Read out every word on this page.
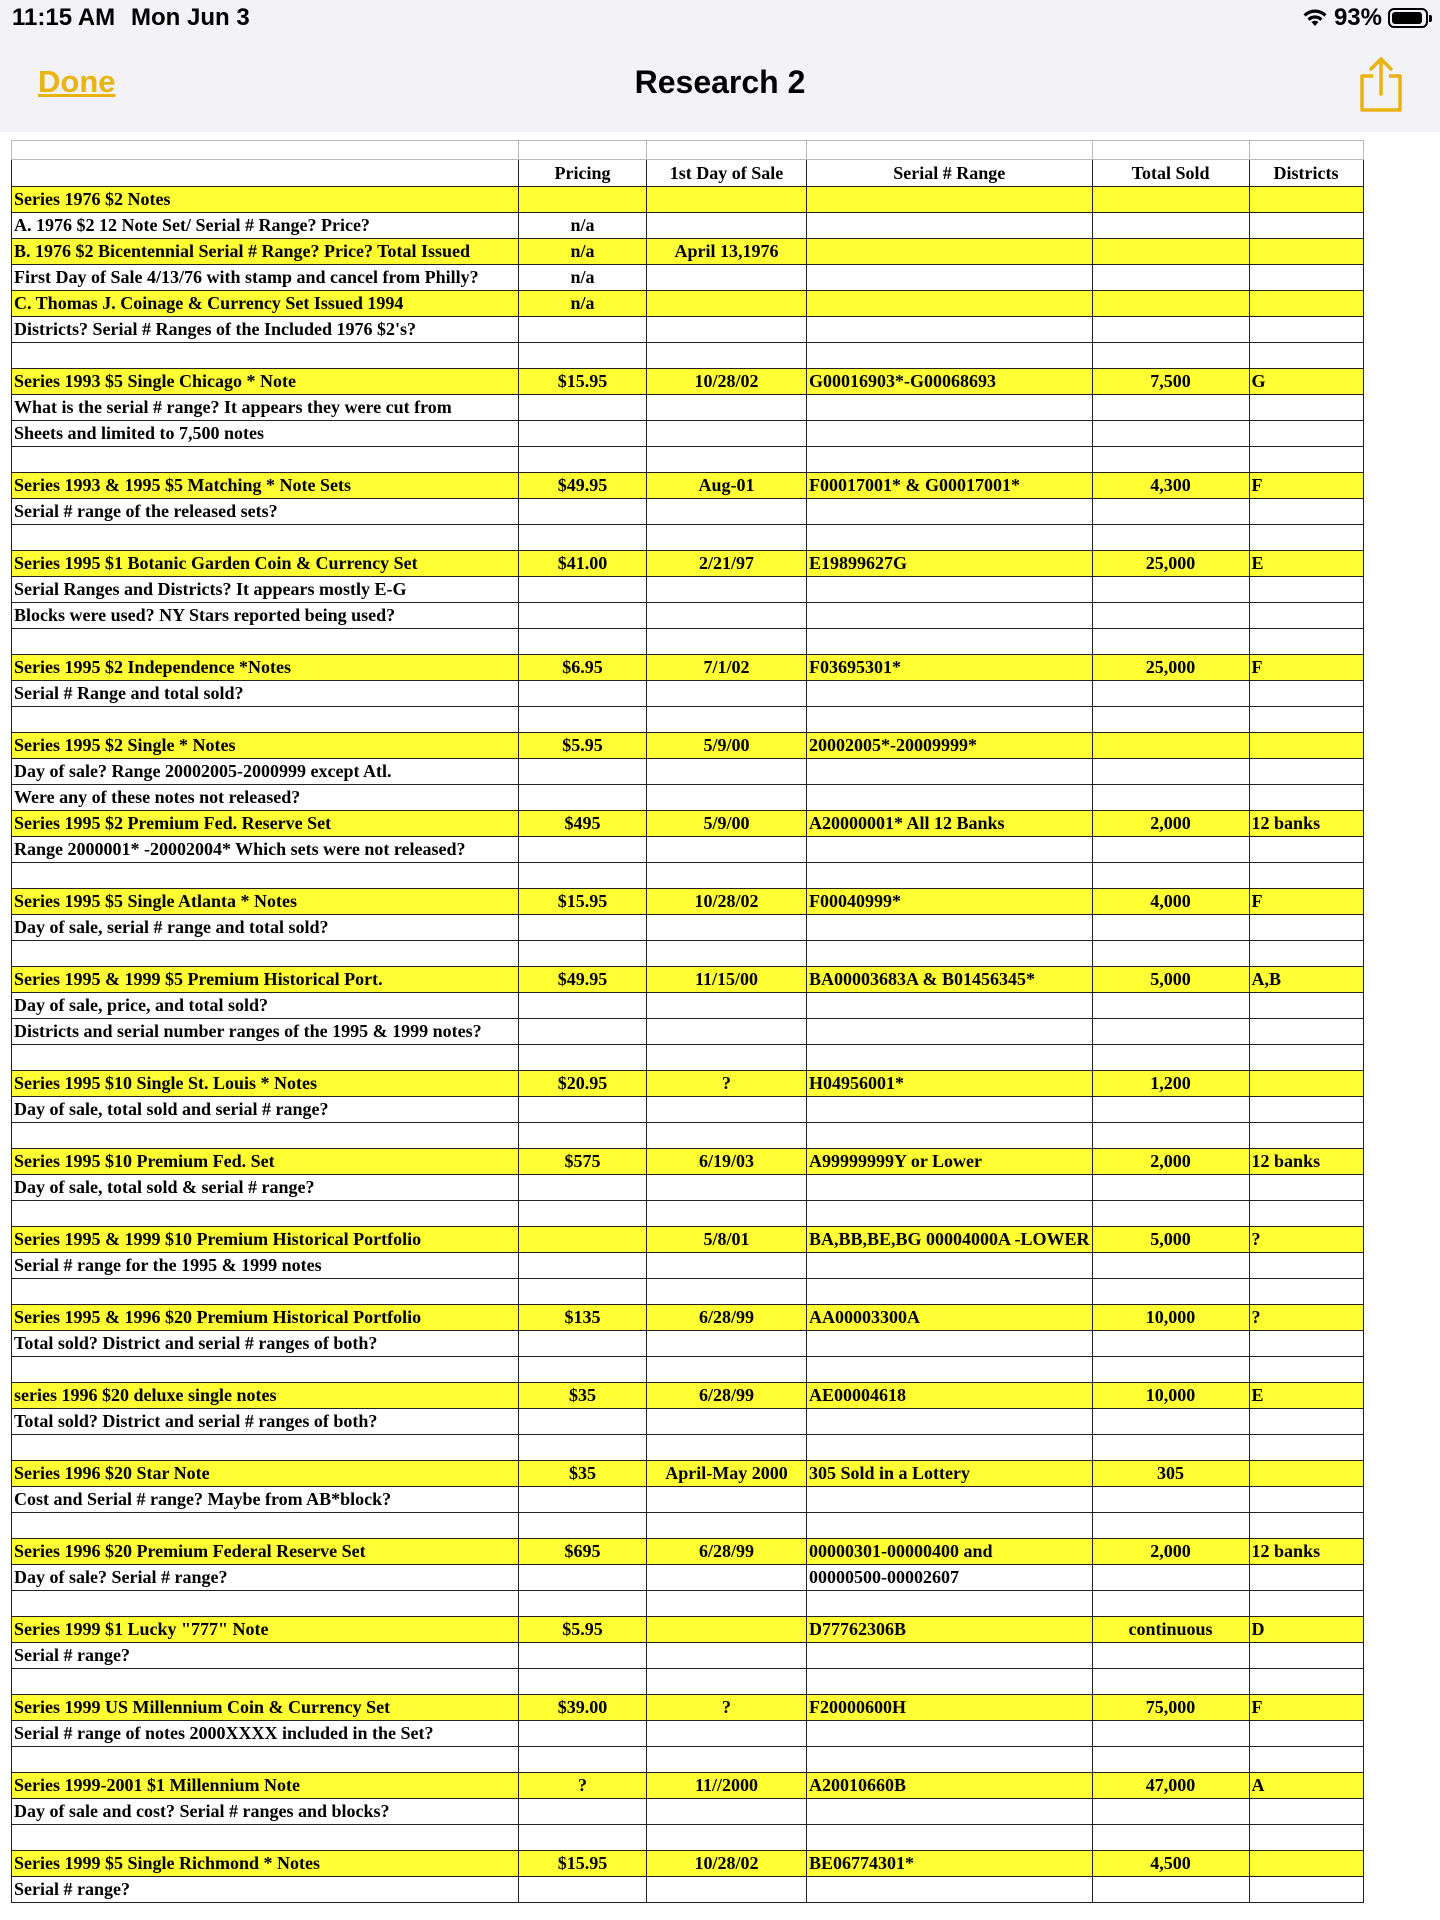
11:15 AM Mon Jun 3	93%
Done	Research 2

	Pricing	1st Day of Sale	Serial # Range	Total Sold	Districts
Series 1976 $2 Notes					
A. 1976 $2 12 Note Set/ Serial # Range? Price?	n/a				
B. 1976 $2 Bicentennial Serial # Range? Price? Total Issued	n/a	April 13,1976			
First Day of Sale 4/13/76 with stamp and cancel from Philly?	n/a				
C. Thomas J. Coinage & Currency Set Issued 1994	n/a				
Districts? Serial # Ranges of the Included 1976 $2's?					

Series 1993 $5 Single Chicago * Note	$15.95	10/28/02	G00016903*-G00068693	7,500	G
What is the serial # range? It appears they were cut from					
Sheets and limited to 7,500 notes					

Series 1993 & 1995 $5 Matching * Note Sets	$49.95	Aug-01	F00017001* & G00017001*	4,300	F
Serial # range of the released sets?					

Series 1995 $1 Botanic Garden Coin & Currency Set	$41.00	2/21/97	E19899627G	25,000	E
Serial Ranges and Districts? It appears mostly E-G					
Blocks were used? NY Stars reported being used?					

Series 1995 $2 Independence *Notes	$6.95	7/1/02	F03695301*	25,000	F
Serial # Range and total sold?					

Series 1995 $2 Single * Notes	$5.95	5/9/00	20002005*-20009999*		
Day of sale? Range 20002005-2000999 except Atl.					
Were any of these notes not released?					
Series 1995 $2 Premium Fed. Reserve Set	$495	5/9/00	A20000001* All 12 Banks	2,000	12 banks
Range 2000001* -20002004* Which sets were not released?					

Series 1995 $5 Single Atlanta * Notes	$15.95	10/28/02	F00040999*	4,000	F
Day of sale, serial # range and total sold?					

Series 1995 & 1999 $5 Premium Historical Port.	$49.95	11/15/00	BA00003683A & B01456345*	5,000	A,B
Day of sale, price, and total sold?					
Districts and serial number ranges of the 1995 & 1999 notes?					

Series 1995 $10 Single St. Louis * Notes	$20.95	?	H04956001*	1,200	
Day of sale, total sold and serial # range?					

Series 1995 $10 Premium Fed. Set	$575	6/19/03	A99999999Y or Lower	2,000	12 banks
Day of sale, total sold & serial # range?					

Series 1995 & 1999 $10 Premium Historical Portfolio		5/8/01	BA,BB,BE,BG 00004000A -LOWER	5,000	?
Serial # range for the 1995 & 1999 notes					

Series 1995 & 1996 $20 Premium Historical Portfolio	$135	6/28/99	AA00003300A	10,000	?
Total sold? District and serial # ranges of both?					

series 1996 $20 deluxe single notes	$35	6/28/99	AE00004618	10,000	E
Total sold? District and serial # ranges of both?					

Series 1996 $20 Star Note	$35	April-May 2000	305 Sold in a Lottery	305	
Cost and Serial # range? Maybe from AB*block?					

Series 1996 $20 Premium Federal Reserve Set	$695	6/28/99	00000301-00000400 and	2,000	12 banks
Day of sale? Serial # range?			00000500-00002607		

Series 1999 $1 Lucky "777" Note	$5.95		D77762306B	continuous	D
Serial # range?					

Series 1999 US Millennium Coin & Currency Set	$39.00	?	F20000600H	75,000	F
Serial # range of notes 2000XXXX included in the Set?					

Series 1999-2001 $1 Millennium Note	?	11//2000	A20010660B	47,000	A
Day of sale and cost? Serial # ranges and blocks?					

Series 1999 $5 Single Richmond * Notes	$15.95	10/28/02	BE06774301*	4,500	
Serial # range?					
